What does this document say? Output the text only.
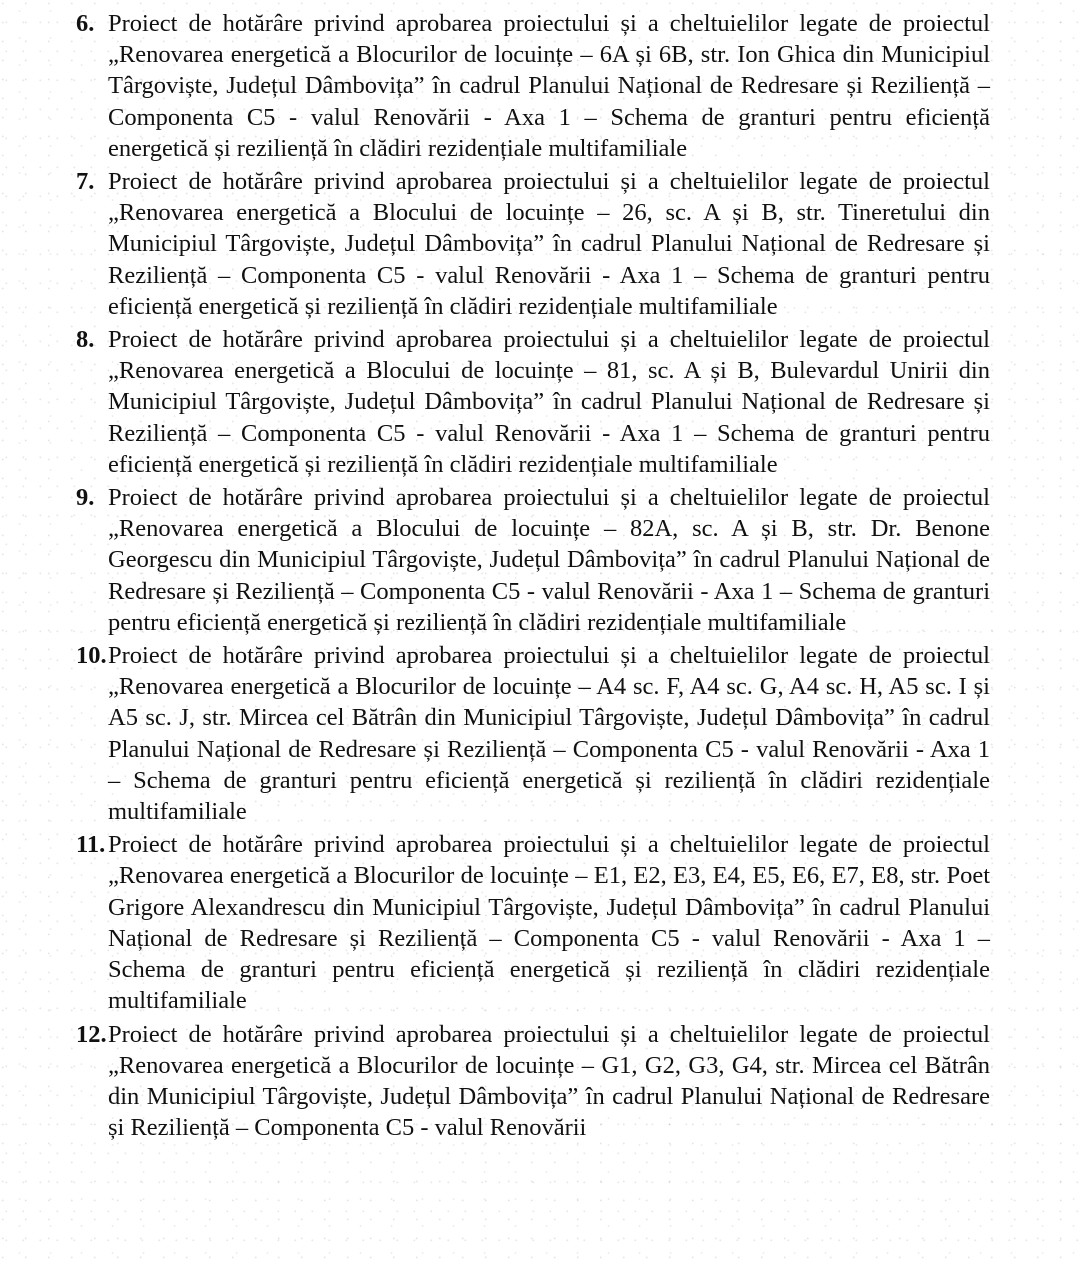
6. Proiect de hotărâre privind aprobarea proiectului și a cheltuielilor legate de proiectul „Renovarea energetică a Blocurilor de locuințe – 6A și 6B, str. Ion Ghica din Municipiul Târgoviște, Județul Dâmbovița” în cadrul Planului Național de Redresare și Reziliență – Componenta C5 - valul Renovării - Axa 1 – Schema de granturi pentru eficiență energetică și reziliență în clădiri rezidențiale multifamiliale
7. Proiect de hotărâre privind aprobarea proiectului și a cheltuielilor legate de proiectul „Renovarea energetică a Blocului de locuințe – 26, sc. A și B, str. Tineretului din Municipiul Târgoviște, Județul Dâmbovița” în cadrul Planului Național de Redresare și Reziliență – Componenta C5 - valul Renovării - Axa 1 – Schema de granturi pentru eficiență energetică și reziliență în clădiri rezidențiale multifamiliale
8. Proiect de hotărâre privind aprobarea proiectului și a cheltuielilor legate de proiectul „Renovarea energetică a Blocului de locuințe – 81, sc. A și B, Bulevardul Unirii din Municipiul Târgoviște, Județul Dâmbovița” în cadrul Planului Național de Redresare și Reziliență – Componenta C5 - valul Renovării - Axa 1 – Schema de granturi pentru eficiență energetică și reziliență în clădiri rezidențiale multifamiliale
9. Proiect de hotărâre privind aprobarea proiectului și a cheltuielilor legate de proiectul „Renovarea energetică a Blocului de locuințe – 82A, sc. A și B, str. Dr. Benone Georgescu din Municipiul Târgoviște, Județul Dâmbovița” în cadrul Planului Național de Redresare și Reziliență – Componenta C5 - valul Renovării - Axa 1 – Schema de granturi pentru eficiență energetică și reziliență în clădiri rezidențiale multifamiliale
10. Proiect de hotărâre privind aprobarea proiectului și a cheltuielilor legate de proiectul „Renovarea energetică a Blocurilor de locuințe – A4 sc. F, A4 sc. G, A4 sc. H, A5 sc. I și A5 sc. J, str. Mircea cel Bătrân din Municipiul Târgoviște, Județul Dâmbovița” în cadrul Planului Național de Redresare și Reziliență – Componenta C5 - valul Renovării - Axa 1 – Schema de granturi pentru eficiență energetică și reziliență în clădiri rezidențiale multifamiliale
11. Proiect de hotărâre privind aprobarea proiectului și a cheltuielilor legate de proiectul „Renovarea energetică a Blocurilor de locuințe – E1, E2, E3, E4, E5, E6, E7, E8, str. Poet Grigore Alexandrescu din Municipiul Târgoviște, Județul Dâmbovița” în cadrul Planului Național de Redresare și Reziliență – Componenta C5 - valul Renovării - Axa 1 – Schema de granturi pentru eficiență energetică și reziliență în clădiri rezidențiale multifamiliale
12. Proiect de hotărâre privind aprobarea proiectului și a cheltuielilor legate de proiectul „Renovarea energetică a Blocurilor de locuințe – G1, G2, G3, G4, str. Mircea cel Bătrân din Municipiul Târgoviște, Județul Dâmbovița” în cadrul Planului Național de Redresare și Reziliență – Componenta C5 - valul Renovării
